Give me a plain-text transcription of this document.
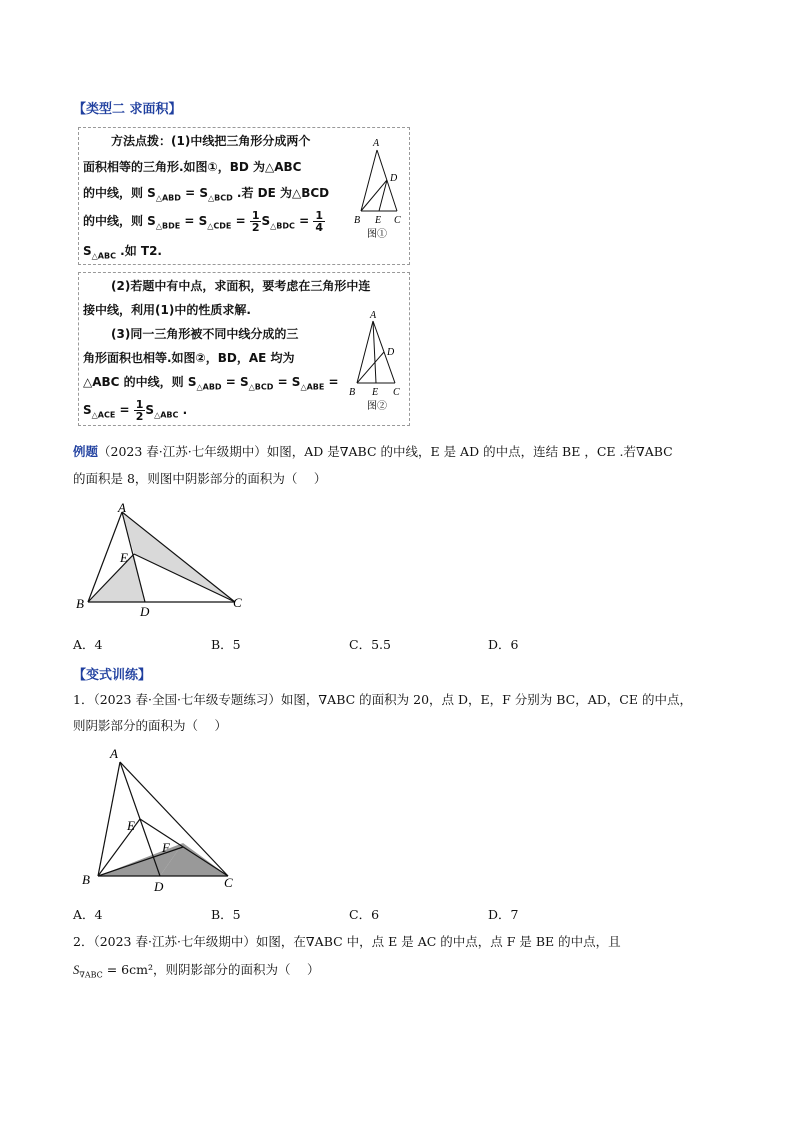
【类型二 求面积】
方法点拨：(1)中线把三角形分成两个
面积相等的三角形.如图①，BD 为△ABC
的中线，则 $S_{\triangle ABD} = S_{\triangle BCD}$ .若 DE 为△BCD
的中线，则 $S_{\triangle BDE} = S_{\triangle CDE} = \frac{1}{2} S_{\triangle BDC} = \frac{1}{4}$
$S_{\triangle ABC}$ .如 T2.
A
D
B E C
图①
(2)若题中有中点，求面积，要考虑在三角形中连
接中线，利用(1)中的性质求解.
(3)同一三角形被不同中线分成的三
角形面积也相等.如图②，BD，AE 均为
△ABC 的中线，则 $S_{\triangle ABD} = S_{\triangle BCD} = S_{\triangle ABE}$ =
$S_{\triangle ACE} = \frac{1}{2} S_{\triangle ABC}$ .
A
D
B E C
图②
例题（2023 春·江苏·七年级期中）如图，AD 是∇ABC 的中线，E 是 AD 的中点，连结 BE ，CE .若∇ABC
的面积是 8，则图中阴影部分的面积为（　 ）
A
E
B
D
C
A．4	B．5	C．5.5	D．6
【变式训练】
1．（2023 春·全国·七年级专题练习）如图，∇ABC 的面积为 20，点 D，E，F 分别为 BC，AD，CE 的中点，
则阴影部分的面积为（　 ）
A
E
F
B	D	C
A．4	B．5	C．6	D．7
2．（2023 春·江苏·七年级期中）如图，在∇ABC 中，点 E 是 AC 的中点，点 F 是 BE 的中点，且
$S_{\nabla ABC} = 6cm^2$，则阴影部分的面积为（　 ）
